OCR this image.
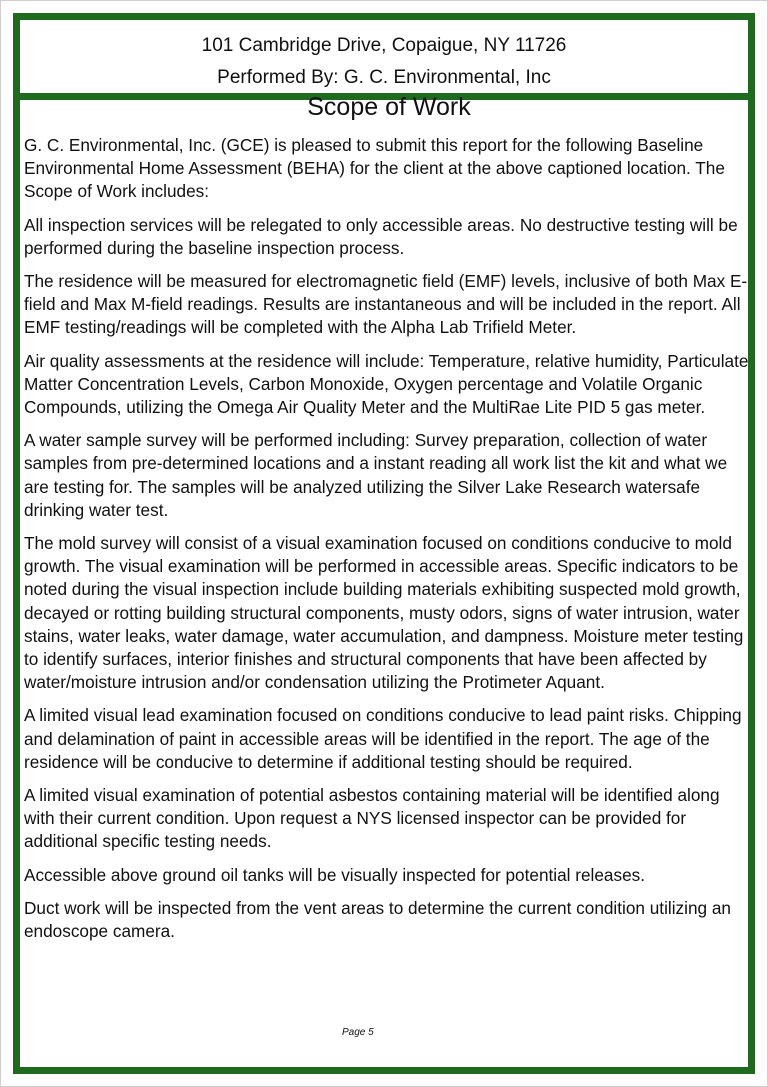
101 Cambridge Drive, Copaigue, NY 11726
Performed By: G. C. Environmental, Inc
Scope of Work

G. C. Environmental, Inc. (GCE) is pleased to submit this report for the following Baseline Environmental Home Assessment (BEHA) for the client at the above captioned location. The Scope of Work includes:

All inspection services will be relegated to only accessible areas. No destructive testing will be performed during the baseline inspection process.

The residence will be measured for electromagnetic field (EMF) levels, inclusive of both Max E-field and Max M-field readings. Results are instantaneous and will be included in the report. All EMF testing/readings will be completed with the Alpha Lab Trifield Meter.

Air quality assessments at the residence will include: Temperature, relative humidity, Particulate Matter Concentration Levels, Carbon Monoxide, Oxygen percentage and Volatile Organic Compounds, utilizing the Omega Air Quality Meter and the MultiRae Lite PID 5 gas meter.

A water sample survey will be performed including: Survey preparation, collection of water samples from pre-determined locations and a instant reading all work list the kit and what we are testing for. The samples will be analyzed utilizing the Silver Lake Research watersafe drinking water test.

The mold survey will consist of a visual examination focused on conditions conducive to mold growth. The visual examination will be performed in accessible areas. Specific indicators to be noted during the visual inspection include building materials exhibiting suspected mold growth, decayed or rotting building structural components, musty odors, signs of water intrusion, water stains, water leaks, water damage, water accumulation, and dampness. Moisture meter testing to identify surfaces, interior finishes and structural components that have been affected by water/moisture intrusion and/or condensation utilizing the Protimeter Aquant.

A limited visual lead examination focused on conditions conducive to lead paint risks. Chipping and delamination of paint in accessible areas will be identified in the report. The age of the residence will be conducive to determine if additional testing should be required.

A limited visual examination of potential asbestos containing material will be identified along with their current condition. Upon request a NYS licensed inspector can be provided for additional specific testing needs.

Accessible above ground oil tanks will be visually inspected for potential releases.

Duct work will be inspected from the vent areas to determine the current condition utilizing an endoscope camera.

Page 5
